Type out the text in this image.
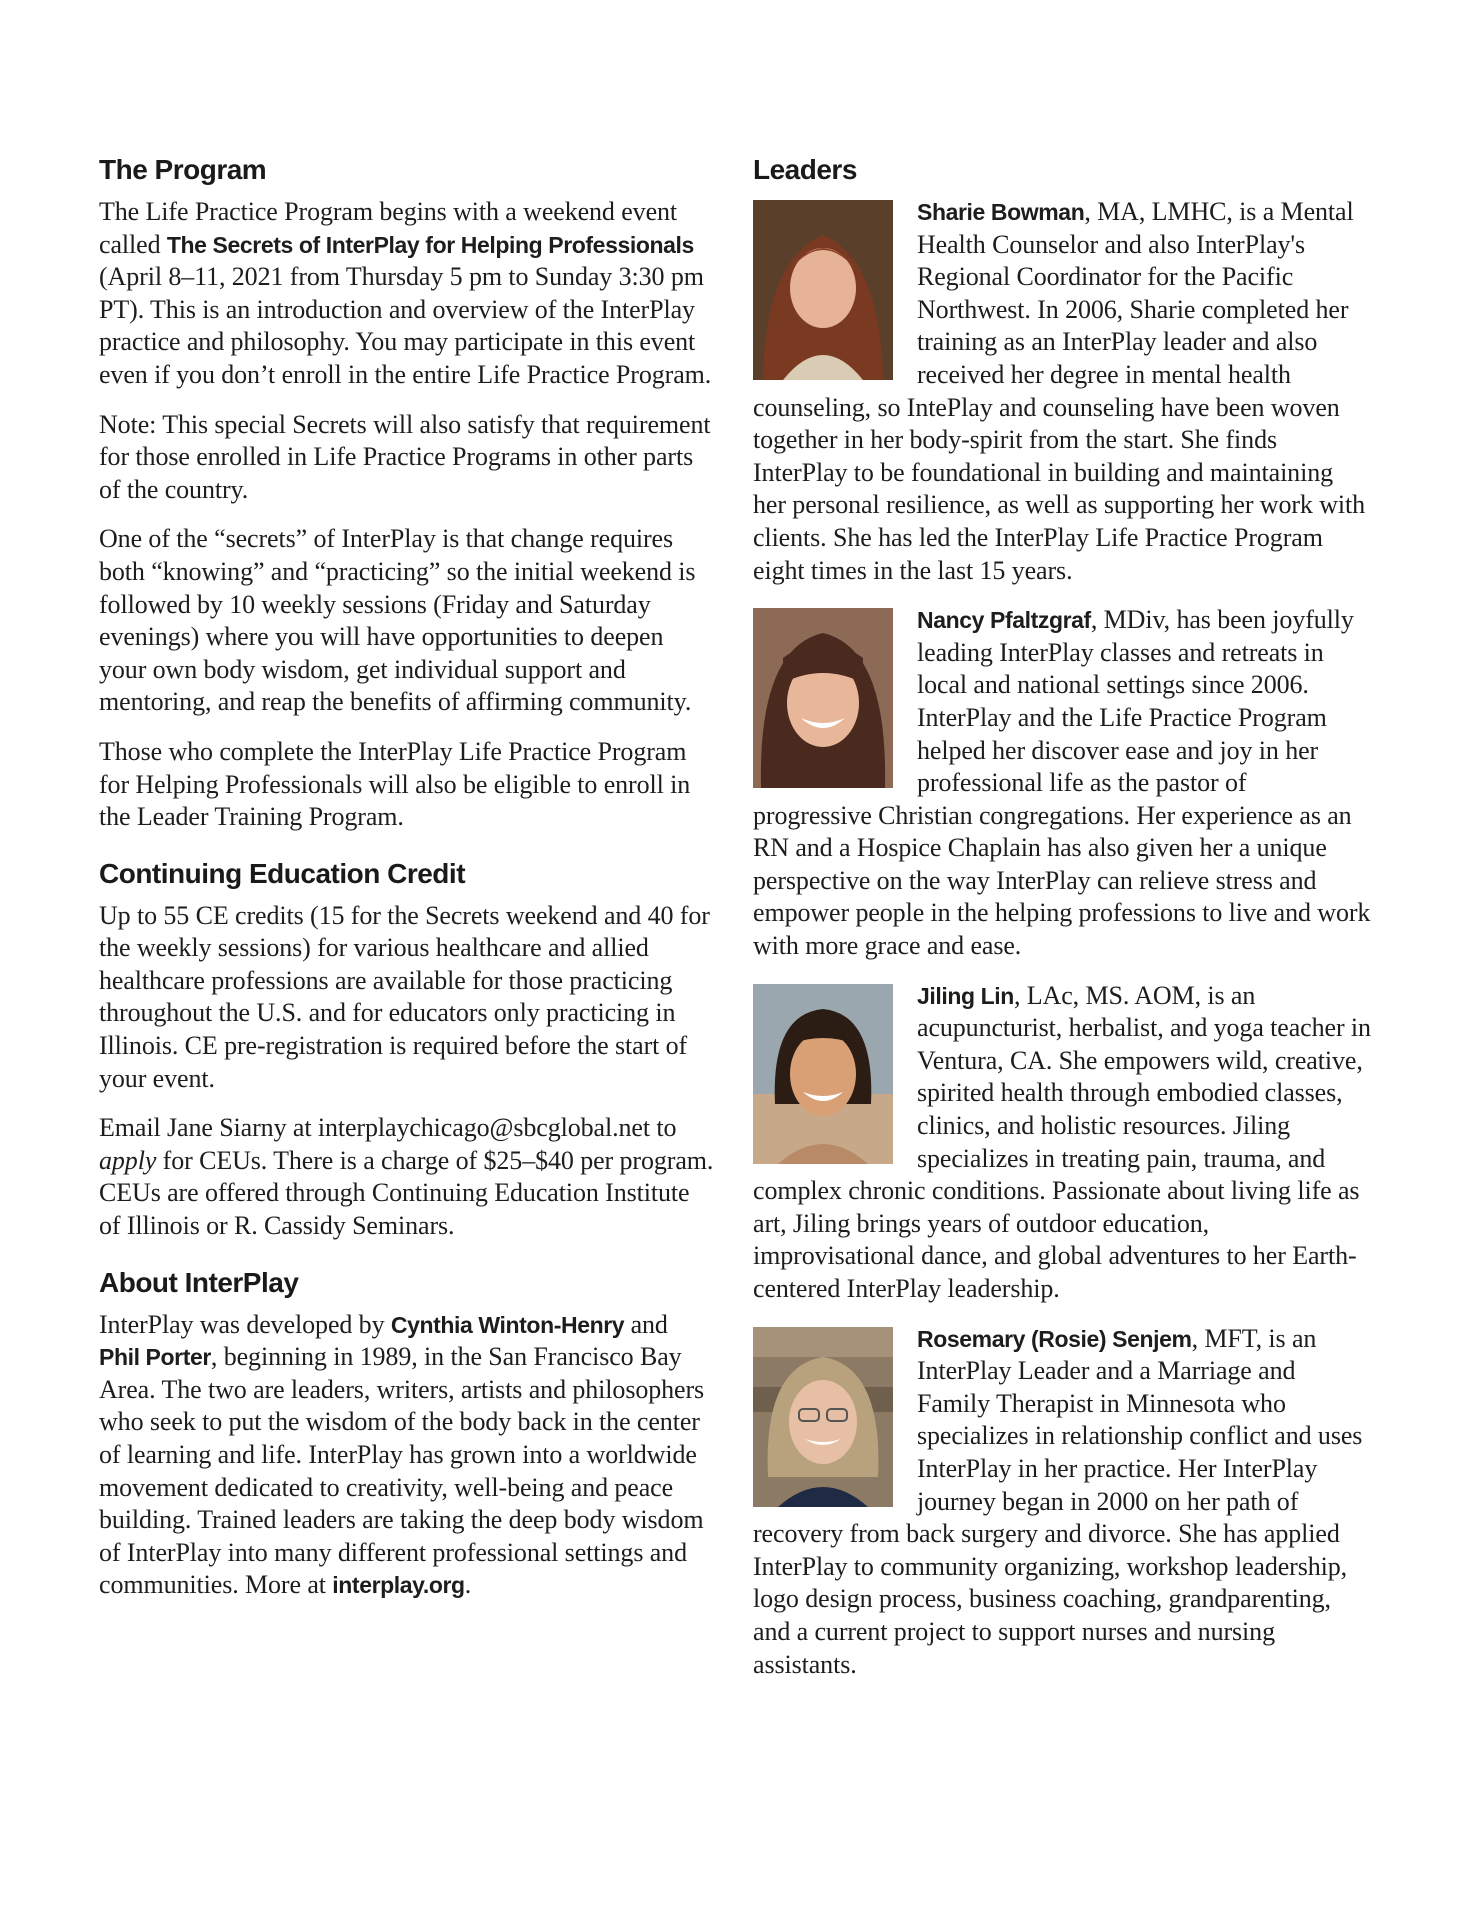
The Program

The Life Practice Program begins with a weekend event called The Secrets of InterPlay for Helping Professionals (April 8–11, 2021 from Thursday 5 pm to Sunday 3:30 pm PT). This is an introduction and overview of the InterPlay practice and philosophy. You may participate in this event even if you don’t enroll in the entire Life Practice Program.

Note: This special Secrets will also satisfy that requirement for those enrolled in Life Practice Programs in other parts of the country.

One of the “secrets” of InterPlay is that change requires both “knowing” and “practicing” so the initial weekend is followed by 10 weekly sessions (Friday and Saturday evenings) where you will have opportunities to deepen your own body wisdom, get individual support and mentoring, and reap the benefits of affirming community.

Those who complete the InterPlay Life Practice Program for Helping Professionals will also be eligible to enroll in the Leader Training Program.

Continuing Education Credit

Up to 55 CE credits (15 for the Secrets weekend and 40 for the weekly sessions) for various healthcare and allied healthcare professions are available for those practicing throughout the U.S. and for educators only practicing in Illinois. CE pre-registration is required before the start of your event.

Email Jane Siarny at interplaychicago@sbcglobal.net to apply for CEUs. There is a charge of $25–$40 per program. CEUs are offered through Continuing Education Institute of Illinois or R. Cassidy Seminars.

About InterPlay

InterPlay was developed by Cynthia Winton-Henry and Phil Porter, beginning in 1989, in the San Francisco Bay Area. The two are leaders, writers, artists and philosophers who seek to put the wisdom of the body back in the center of learning and life. InterPlay has grown into a worldwide movement dedicated to creativity, well-being and peace building. Trained leaders are taking the deep body wisdom of InterPlay into many different professional settings and communities. More at interplay.org.

Leaders

Sharie Bowman, MA, LMHC, is a Mental Health Counselor and also InterPlay's Regional Coordinator for the Pacific Northwest. In 2006, Sharie completed her training as an InterPlay leader and also received her degree in mental health counseling, so IntePlay and counseling have been woven together in her body-spirit from the start. She finds InterPlay to be foundational in building and maintaining her personal resilience, as well as supporting her work with clients. She has led the InterPlay Life Practice Program eight times in the last 15 years.

Nancy Pfaltzgraf, MDiv, has been joyfully leading InterPlay classes and retreats in local and national settings since 2006. InterPlay and the Life Practice Program helped her discover ease and joy in her professional life as the pastor of progressive Christian congregations. Her experience as an RN and a Hospice Chaplain has also given her a unique perspective on the way InterPlay can relieve stress and empower people in the helping professions to live and work with more grace and ease.

Jiling Lin, LAc, MS. AOM, is an acupuncturist, herbalist, and yoga teacher in Ventura, CA. She empowers wild, creative, spirited health through embodied classes, clinics, and holistic resources. Jiling specializes in treating pain, trauma, and complex chronic conditions. Passionate about living life as art, Jiling brings years of outdoor education, improvisational dance, and global adventures to her Earth-centered InterPlay leadership.

Rosemary (Rosie) Senjem, MFT, is an InterPlay Leader and a Marriage and Family Therapist in Minnesota who specializes in relationship conflict and uses InterPlay in her practice. Her InterPlay journey began in 2000 on her path of recovery from back surgery and divorce. She has applied InterPlay to community organizing, workshop leadership, logo design process, business coaching, grandparenting, and a current project to support nurses and nursing assistants.
